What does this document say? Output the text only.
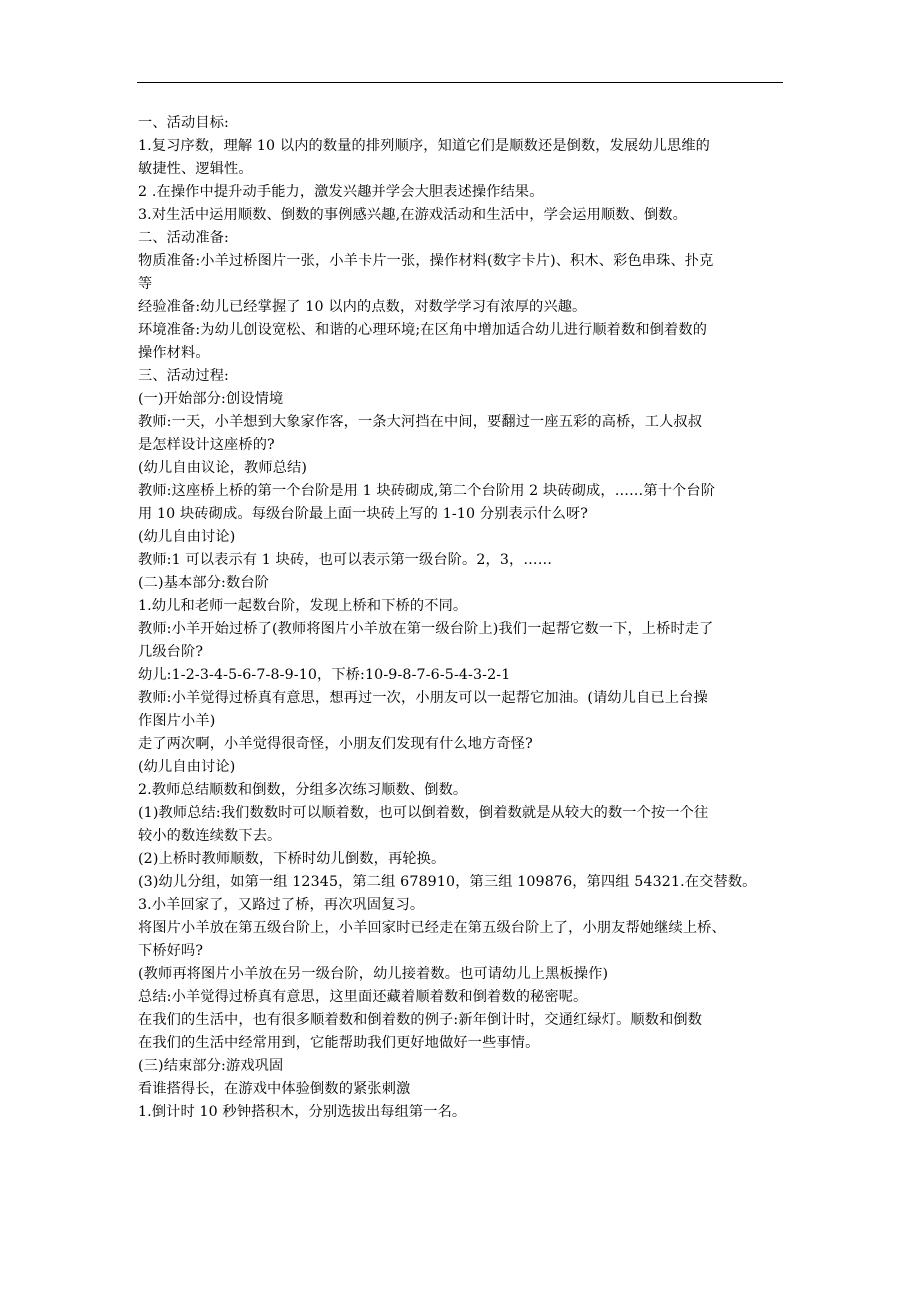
一、活动目标:
1.复习序数，理解 10 以内的数量的排列顺序，知道它们是顺数还是倒数，发展幼儿思维的
敏捷性、逻辑性。
2 .在操作中提升动手能力，激发兴趣并学会大胆表述操作结果。
3.对生活中运用顺数、倒数的事例感兴趣,在游戏活动和生活中，学会运用顺数、倒数。
二、活动准备:
物质准备:小羊过桥图片一张，小羊卡片一张，操作材料(数字卡片)、积木、彩色串珠、扑克
等
经验准备:幼儿已经掌握了 10 以内的点数，对数学学习有浓厚的兴趣。
环境准备:为幼儿创设宽松、和谐的心理环境;在区角中增加适合幼儿进行顺着数和倒着数的
操作材料。
三、活动过程:
(一)开始部分:创设情境
教师:一天，小羊想到大象家作客，一条大河挡在中间，要翻过一座五彩的高桥，工人叔叔
是怎样设计这座桥的?
(幼儿自由议论，教师总结)
教师:这座桥上桥的第一个台阶是用 1 块砖砌成,第二个台阶用 2 块砖砌成，……第十个台阶
用 10 块砖砌成。每级台阶最上面一块砖上写的 1-10 分别表示什么呀?
(幼儿自由讨论)
教师:1 可以表示有 1 块砖，也可以表示第一级台阶。2，3，……
(二)基本部分:数台阶
1.幼儿和老师一起数台阶，发现上桥和下桥的不同。
教师:小羊开始过桥了(教师将图片小羊放在第一级台阶上)我们一起帮它数一下，上桥时走了
几级台阶?
幼儿:1-2-3-4-5-6-7-8-9-10，下桥:10-9-8-7-6-5-4-3-2-1
教师:小羊觉得过桥真有意思，想再过一次，小朋友可以一起帮它加油。(请幼儿自已上台操
作图片小羊)
走了两次啊，小羊觉得很奇怪，小朋友们发现有什么地方奇怪?
(幼儿自由讨论)
2.教师总结顺数和倒数，分组多次练习顺数、倒数。
(1)教师总结:我们数数时可以顺着数，也可以倒着数，倒着数就是从较大的数一个按一个往
较小的数连续数下去。
(2)上桥时教师顺数，下桥时幼儿倒数，再轮换。
(3)幼儿分组，如第一组 12345，第二组 678910，第三组 109876，第四组 54321.在交替数。
3.小羊回家了，又路过了桥，再次巩固复习。
将图片小羊放在第五级台阶上，小羊回家时已经走在第五级台阶上了，小朋友帮她继续上桥、
下桥好吗?
(教师再将图片小羊放在另一级台阶，幼儿接着数。也可请幼儿上黑板操作)
总结:小羊觉得过桥真有意思，这里面还藏着顺着数和倒着数的秘密呢。
在我们的生活中，也有很多顺着数和倒着数的例子:新年倒计时，交通红绿灯。顺数和倒数
在我们的生活中经常用到，它能帮助我们更好地做好一些事情。
(三)结束部分:游戏巩固
看谁搭得长，在游戏中体验倒数的紧张刺激
1.倒计时 10 秒钟搭积木，分别选拔出每组第一名。
